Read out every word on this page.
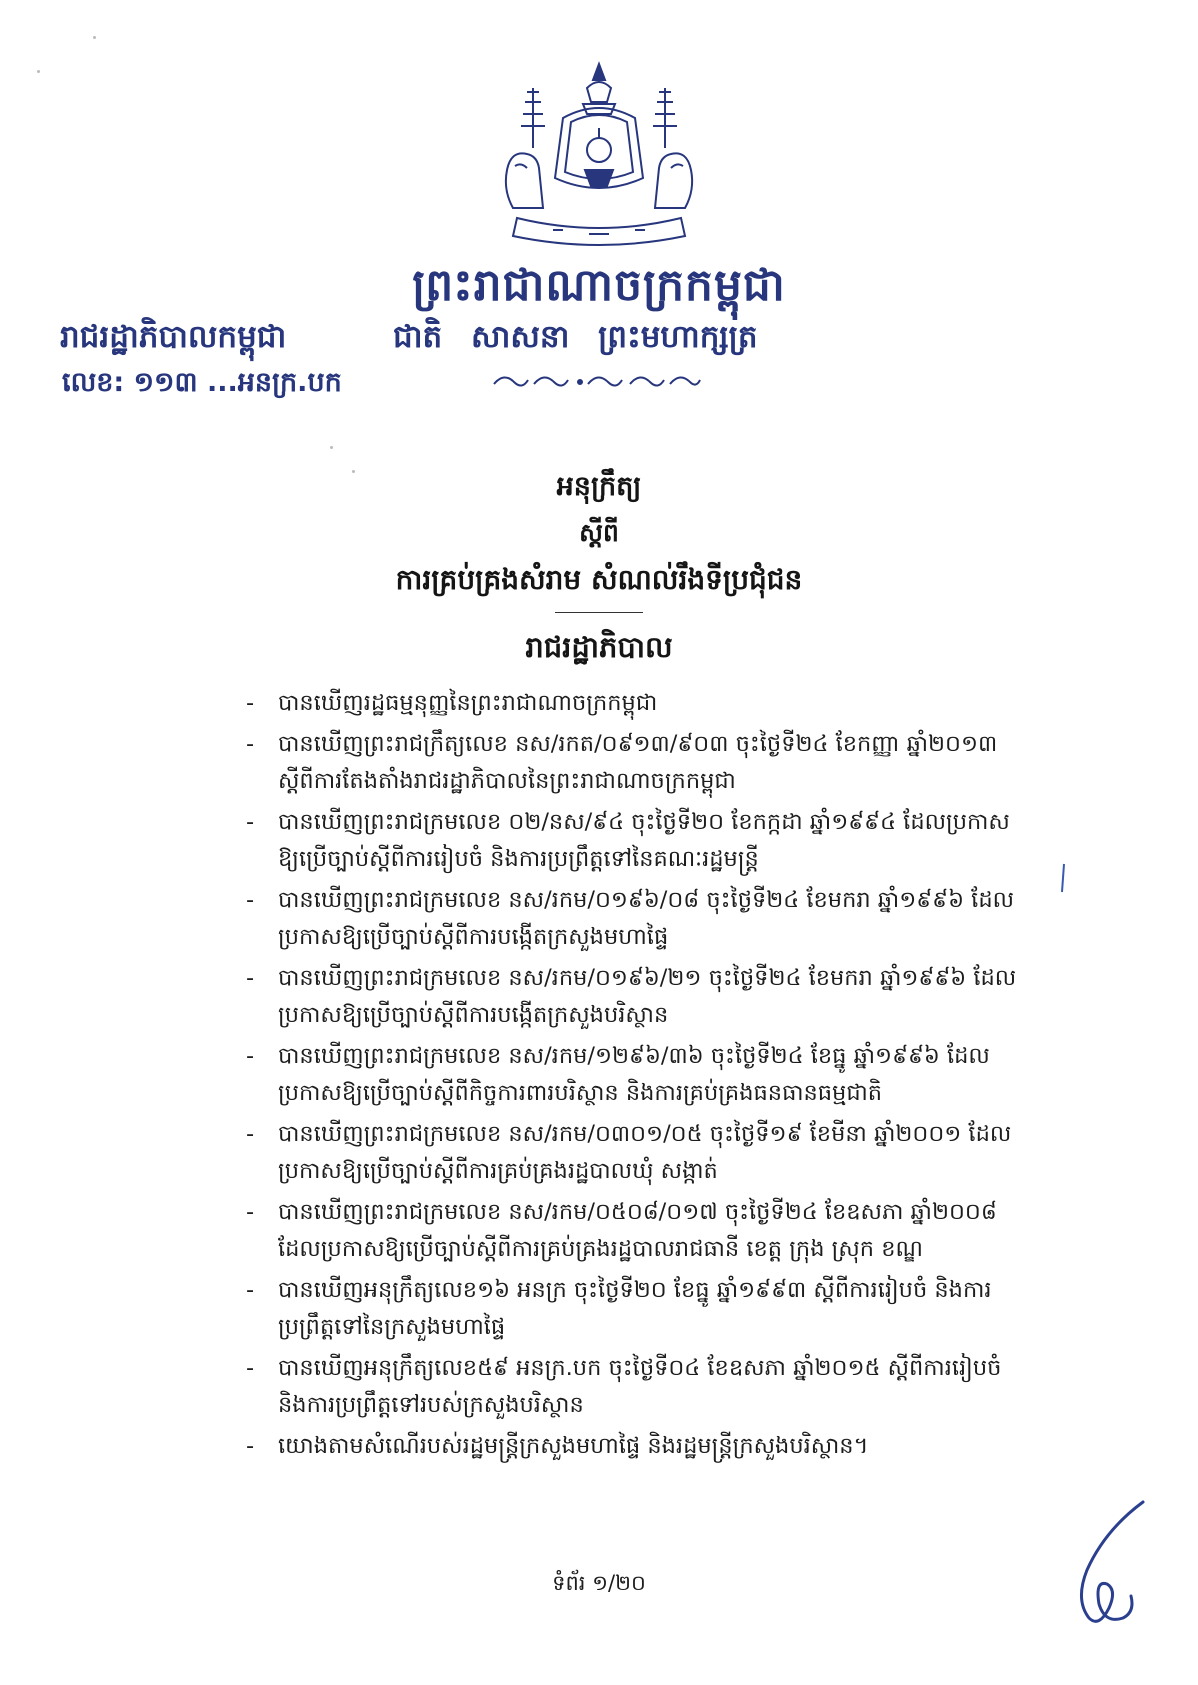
ព្រះរាជាណាចក្រកម្ពុជា
រាជរដ្ឋាភិបាលកម្ពុជា	ជាតិ សាសនា ព្រះមហាក្សត្រ
លេខ: ១១៣ ...អនក្រ.បក
អនុក្រឹត្យ
ស្តីពី
ការគ្រប់គ្រងសំរាម សំណល់រឹងទីប្រជុំជន
រាជរដ្ឋាភិបាល
- បានឃើញរដ្ឋធម្មនុញ្ញនៃព្រះរាជាណាចក្រកម្ពុជា
- បានឃើញព្រះរាជក្រឹត្យលេខ នស/រកត/០៩១៣/៩០៣ ចុះថ្ងៃទី២៤ ខែកញ្ញា ឆ្នាំ២០១៣
ស្តីពីការតែងតាំងរាជរដ្ឋាភិបាលនៃព្រះរាជាណាចក្រកម្ពុជា
- បានឃើញព្រះរាជក្រមលេខ ០២/នស/៩៤ ចុះថ្ងៃទី២០ ខែកក្កដា ឆ្នាំ១៩៩៤ ដែលប្រកាស
ឱ្យប្រើច្បាប់ស្តីពីការរៀបចំ និងការប្រព្រឹត្តទៅនៃគណៈរដ្ឋមន្ត្រី
- បានឃើញព្រះរាជក្រមលេខ នស/រកម/០១៩៦/០៨ ចុះថ្ងៃទី២៤ ខែមករា ឆ្នាំ១៩៩៦ ដែល
ប្រកាសឱ្យប្រើច្បាប់ស្តីពីការបង្កើតក្រសួងមហាផ្ទៃ
- បានឃើញព្រះរាជក្រមលេខ នស/រកម/០១៩៦/២១ ចុះថ្ងៃទី២៤ ខែមករា ឆ្នាំ១៩៩៦ ដែល
ប្រកាសឱ្យប្រើច្បាប់ស្តីពីការបង្កើតក្រសួងបរិស្ថាន
- បានឃើញព្រះរាជក្រមលេខ នស/រកម/១២៩៦/៣៦ ចុះថ្ងៃទី២៤ ខែធ្នូ ឆ្នាំ១៩៩៦ ដែល
ប្រកាសឱ្យប្រើច្បាប់ស្តីពីកិច្ចការពារបរិស្ថាន និងការគ្រប់គ្រងធនធានធម្មជាតិ
- បានឃើញព្រះរាជក្រមលេខ នស/រកម/០៣០១/០៥ ចុះថ្ងៃទី១៩ ខែមីនា ឆ្នាំ២០០១ ដែល
ប្រកាសឱ្យប្រើច្បាប់ស្តីពីការគ្រប់គ្រងរដ្ឋបាលឃុំ សង្កាត់
- បានឃើញព្រះរាជក្រមលេខ នស/រកម/០៥០៨/០១៧ ចុះថ្ងៃទី២៤ ខែឧសភា ឆ្នាំ២០០៨
ដែលប្រកាសឱ្យប្រើច្បាប់ស្តីពីការគ្រប់គ្រងរដ្ឋបាលរាជធានី ខេត្ត ក្រុង ស្រុក ខណ្ឌ
- បានឃើញអនុក្រឹត្យលេខ១៦ អនក្រ ចុះថ្ងៃទី២០ ខែធ្នូ ឆ្នាំ១៩៩៣ ស្តីពីការរៀបចំ និងការ
ប្រព្រឹត្តទៅនៃក្រសួងមហាផ្ទៃ
- បានឃើញអនុក្រឹត្យលេខ៥៩ អនក្រ.បក ចុះថ្ងៃទី០៤ ខែឧសភា ឆ្នាំ២០១៥ ស្តីពីការរៀបចំ
និងការប្រព្រឹត្តទៅរបស់ក្រសួងបរិស្ថាន
- យោងតាមសំណើរបស់រដ្ឋមន្ត្រីក្រសួងមហាផ្ទៃ និងរដ្ឋមន្ត្រីក្រសួងបរិស្ថាន។
ទំព័រ ១/២០
